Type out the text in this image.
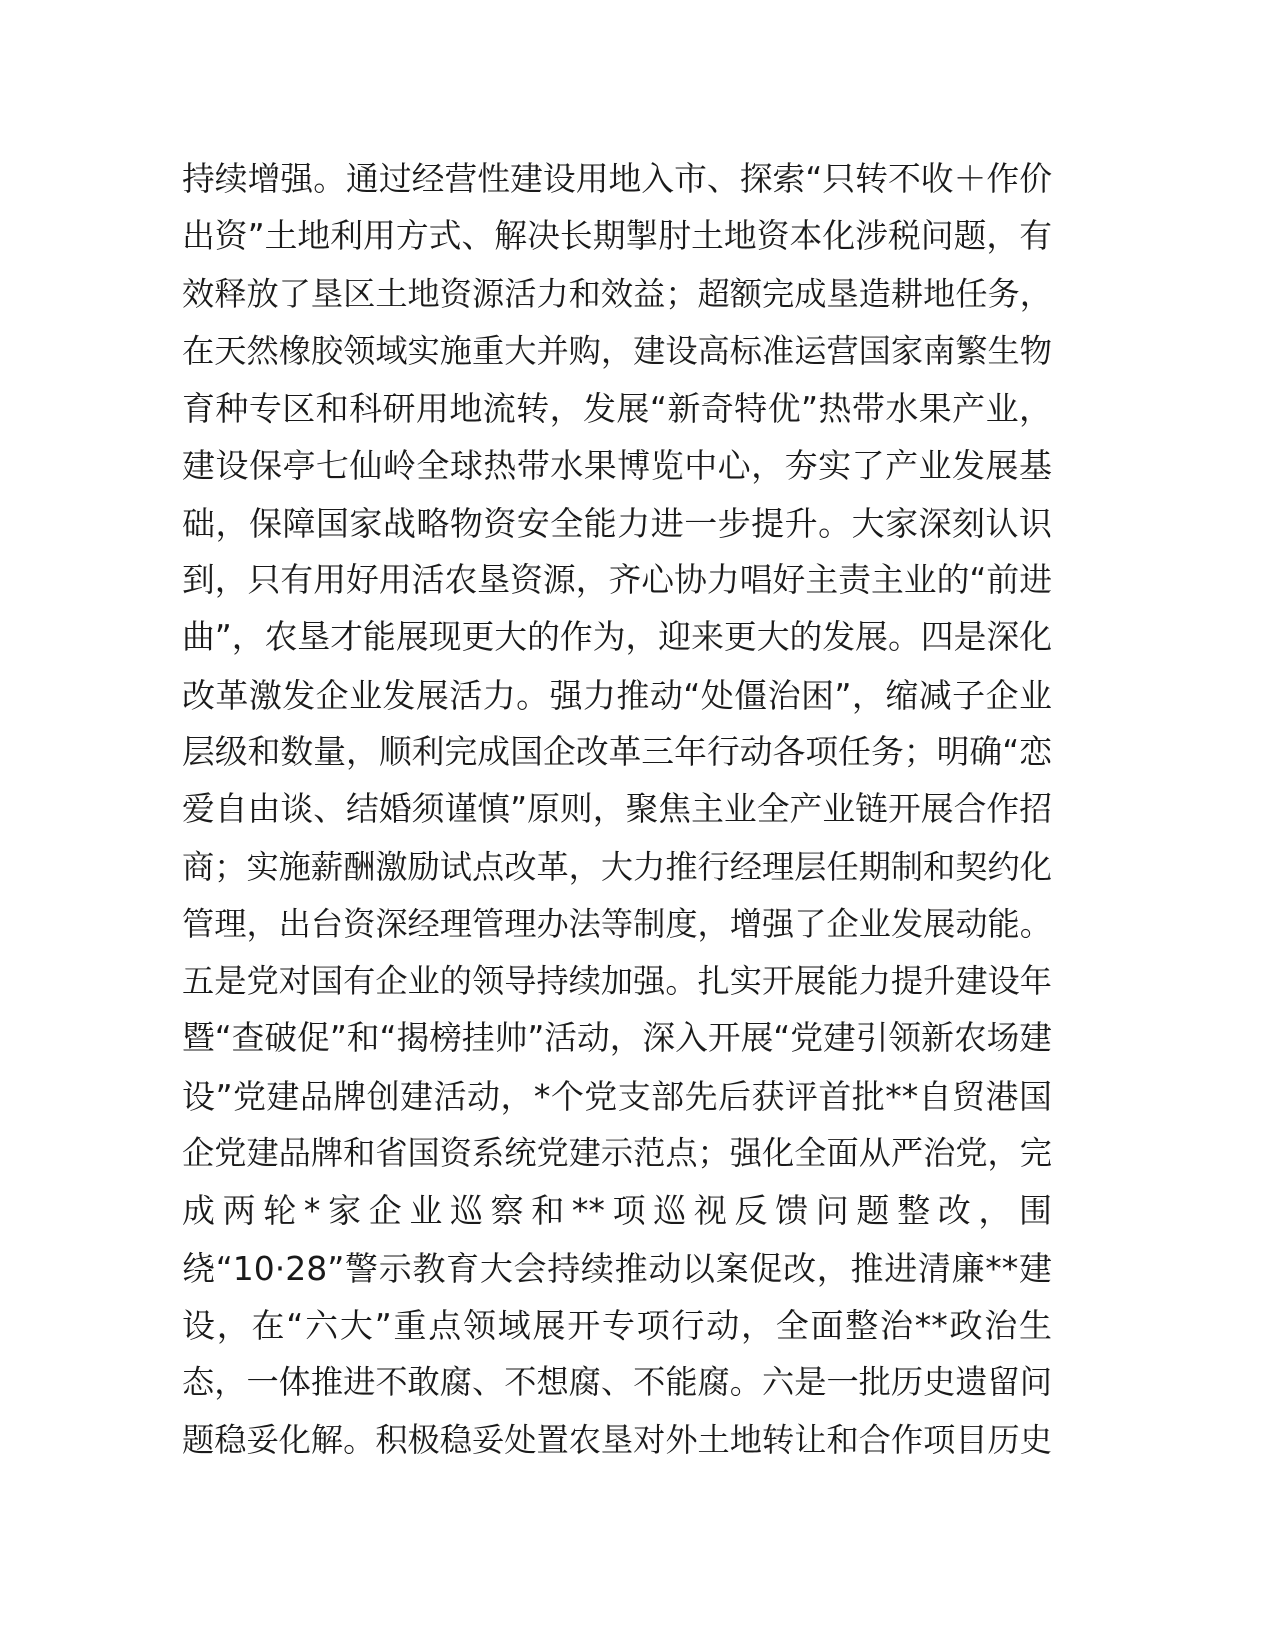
持续增强。通过经营性建设用地入市、探索“只转不收＋作价
出资”土地利用方式、解决长期掣肘土地资本化涉税问题，有
效释放了垦区土地资源活力和效益；超额完成垦造耕地任务，
在天然橡胶领域实施重大并购，建设高标准运营国家南繁生物
育种专区和科研用地流转，发展“新奇特优”热带水果产业，
建设保亭七仙岭全球热带水果博览中心，夯实了产业发展基
础，保障国家战略物资安全能力进一步提升。大家深刻认识
到，只有用好用活农垦资源，齐心协力唱好主责主业的“前进
曲”，农垦才能展现更大的作为，迎来更大的发展。四是深化
改革激发企业发展活力。强力推动“处僵治困”，缩减子企业
层级和数量，顺利完成国企改革三年行动各项任务；明确“恋
爱自由谈、结婚须谨慎”原则，聚焦主业全产业链开展合作招
商；实施薪酬激励试点改革，大力推行经理层任期制和契约化
管理，出台资深经理管理办法等制度，增强了企业发展动能。
五是党对国有企业的领导持续加强。扎实开展能力提升建设年
暨“查破促”和“揭榜挂帅”活动，深入开展“党建引领新农场建
设”党建品牌创建活动，*个党支部先后获评首批**自贸港国
企党建品牌和省国资系统党建示范点；强化全面从严治党，完
成两轮*家企业巡察和**项巡视反馈问题整改，围
绕“10·28”警示教育大会持续推动以案促改，推进清廉**建
设，在“六大”重点领域展开专项行动，全面整治**政治生
态，一体推进不敢腐、不想腐、不能腐。六是一批历史遗留问
题稳妥化解。积极稳妥处置农垦对外土地转让和合作项目历史
